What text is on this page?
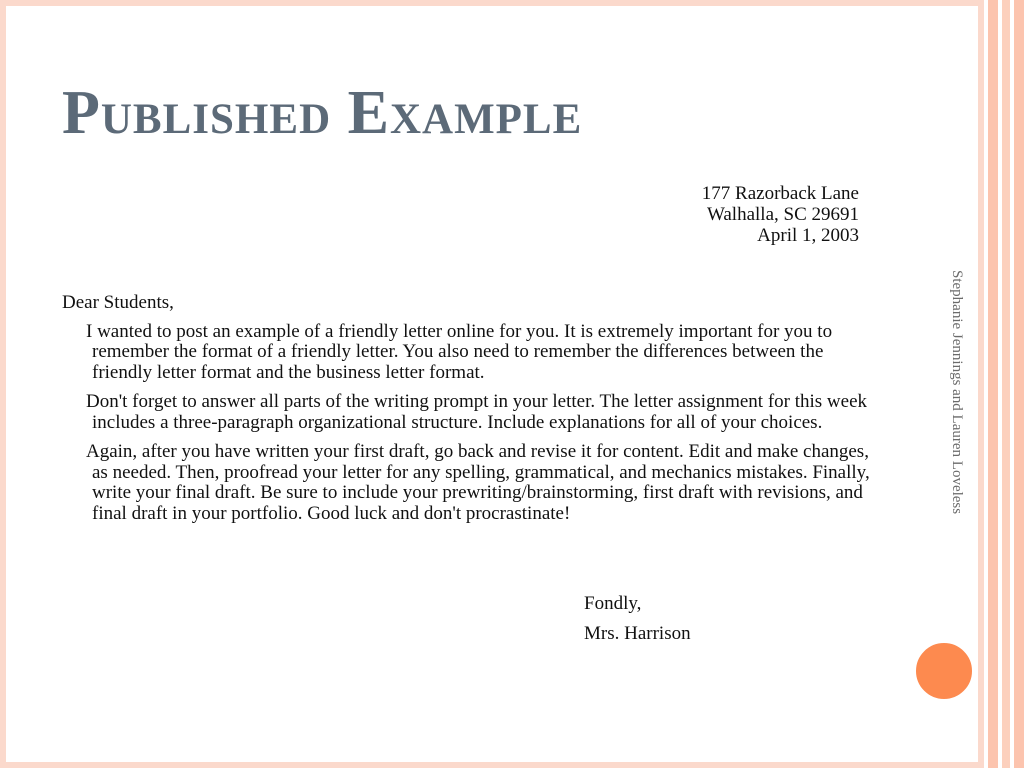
Published Example
177 Razorback Lane
Walhalla, SC 29691
April 1, 2003

Dear Students,

I wanted to post an example of a friendly letter online for you. It is extremely important for you to remember the format of a friendly letter. You also need to remember the differences between the friendly letter format and the business letter format.

Don't forget to answer all parts of the writing prompt in your letter. The letter assignment for this week includes a three-paragraph organizational structure. Include explanations for all of your choices.

Again, after you have written your first draft, go back and revise it for content. Edit and make changes, as needed. Then, proofread your letter for any spelling, grammatical, and mechanics mistakes. Finally, write your final draft. Be sure to include your prewriting/brainstorming, first draft with revisions, and final draft in your portfolio. Good luck and don't procrastinate!

Fondly,
Mrs. Harrison
Stephanie Jennings and Lauren Loveless
